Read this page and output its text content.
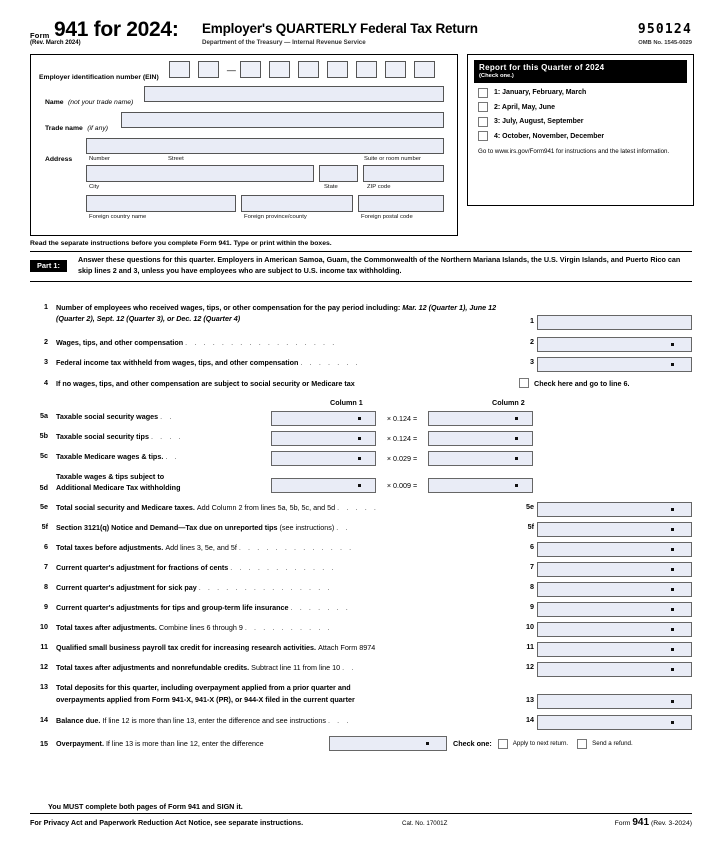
Form
(Rev. March 2024)
941 for 2024: Employer's QUARTERLY Federal Tax Return
Department of the Treasury — Internal Revenue Service
950124
OMB No. 1545-0029
Employer identification number (EIN)
—
Name (not your trade name)
Trade name (if any)
Address	Number	Street	Suite or room number
City	State	ZIP code
Foreign country name	Foreign province/county	Foreign postal code
Report for this Quarter of 2024
(Check one.)
1: January, February, March
2: April, May, June
3: July, August, September
4: October, November, December
Go to www.irs.gov/Form941 for instructions and the latest information.
Read the separate instructions before you complete Form 941. Type or print within the boxes.
Part 1:
Answer these questions for this quarter. Employers in American Samoa, Guam, the Commonwealth of the Northern Mariana Islands, the U.S. Virgin Islands, and Puerto Rico can skip lines 2 and 3, unless you have employees who are subject to U.S. income tax withholding.
1	Number of employees who received wages, tips, or other compensation for the pay period including: Mar. 12 (Quarter 1), June 12 (Quarter 2), Sept. 12 (Quarter 3), or Dec. 12 (Quarter 4)	1
2	Wages, tips, and other compensation . . . . . . . . . . . . . . . . .	2
3	Federal income tax withheld from wages, tips, and other compensation . . . . . . .	3
4	If no wages, tips, and other compensation are subject to social security or Medicare tax	Check here and go to line 6.
Column 1	Column 2
5a	Taxable social security wages . .	× 0.124 =
5b	Taxable social security tips . . . .	× 0.124 =
5c	Taxable Medicare wages & tips. . .	× 0.029 =
5d
Taxable wages & tips subject to
Additional Medicare Tax withholding	× 0.009 =
5e	Total social security and Medicare taxes. Add Column 2 from lines 5a, 5b, 5c, and 5d . . . . .	5e
5f	Section 3121(q) Notice and Demand—Tax due on unreported tips (see instructions) . .	5f
6	Total taxes before adjustments. Add lines 3, 5e, and 5f . . . . . . . . . . . . .	6
7	Current quarter's adjustment for fractions of cents . . . . . . . . . . . .	7
8	Current quarter's adjustment for sick pay . . . . . . . . . . . . . . .	8
9	Current quarter's adjustments for tips and group-term life insurance . . . . . . .	9
10	Total taxes after adjustments. Combine lines 6 through 9 . . . . . . . . . .	10
11	Qualified small business payroll tax credit for increasing research activities. Attach Form 8974	11
12	Total taxes after adjustments and nonrefundable credits. Subtract line 11 from line 10 . .	12
13	Total deposits for this quarter, including overpayment applied from a prior quarter and
overpayments applied from Form 941-X, 941-X (PR), or 944-X filed in the current quarter	13
14	Balance due. If line 12 is more than line 13, enter the difference and see instructions . . .	14
15	Overpayment. If line 13 is more than line 12, enter the difference	Check one:	Apply to next return.	Send a refund.
You MUST complete both pages of Form 941 and SIGN it.
For Privacy Act and Paperwork Reduction Act Notice, see separate instructions.	Cat. No. 17001Z	Form 941 (Rev. 3-2024)
